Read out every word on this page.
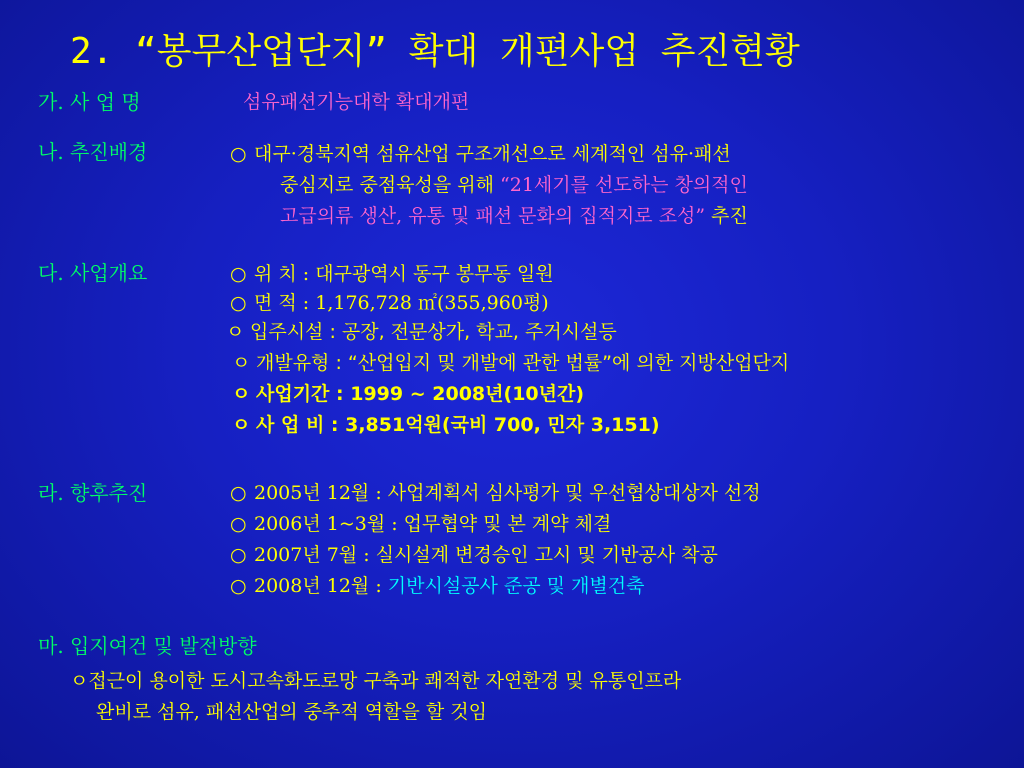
2. “봉무산업단지” 확대 개편사업 추진현황
가. 사 업 명	섬유패션기능대학 확대개편
나. 추진배경	○ 대구·경북지역 섬유산업 구조개선으로 세계적인 섬유·패션
중심지로 중점육성을 위해 “21세기를 선도하는 창의적인
고급의류 생산, 유통 및 패션 문화의 집적지로 조성” 추진
다. 사업개요	○ 위 치 : 대구광역시 동구 봉무동 일원
○ 면 적 : 1,176,728 ㎡(355,960평)
ㅇ 입주시설 : 공장, 전문상가, 학교, 주거시설등
ㅇ 개발유형 : “산업입지 및 개발에 관한 법률”에 의한 지방산업단지
ㅇ 사업기간 : 1999 ~ 2008년(10년간)
ㅇ 사 업 비 : 3,851억원(국비 700, 민자 3,151)
라. 향후추진	○ 2005년 12월 : 사업계획서 심사평가 및 우선협상대상자 선정
○ 2006년 1~3월 : 업무협약 및 본 계약 체결
○ 2007년 7월 : 실시설계 변경승인 고시 및 기반공사 착공
○ 2008년 12월 : 기반시설공사 준공 및 개별건축
마. 입지여건 및 발전방향
ㅇ접근이 용이한 도시고속화도로망 구축과 쾌적한 자연환경 및 유통인프라
완비로 섬유, 패션산업의 중추적 역할을 할 것임
